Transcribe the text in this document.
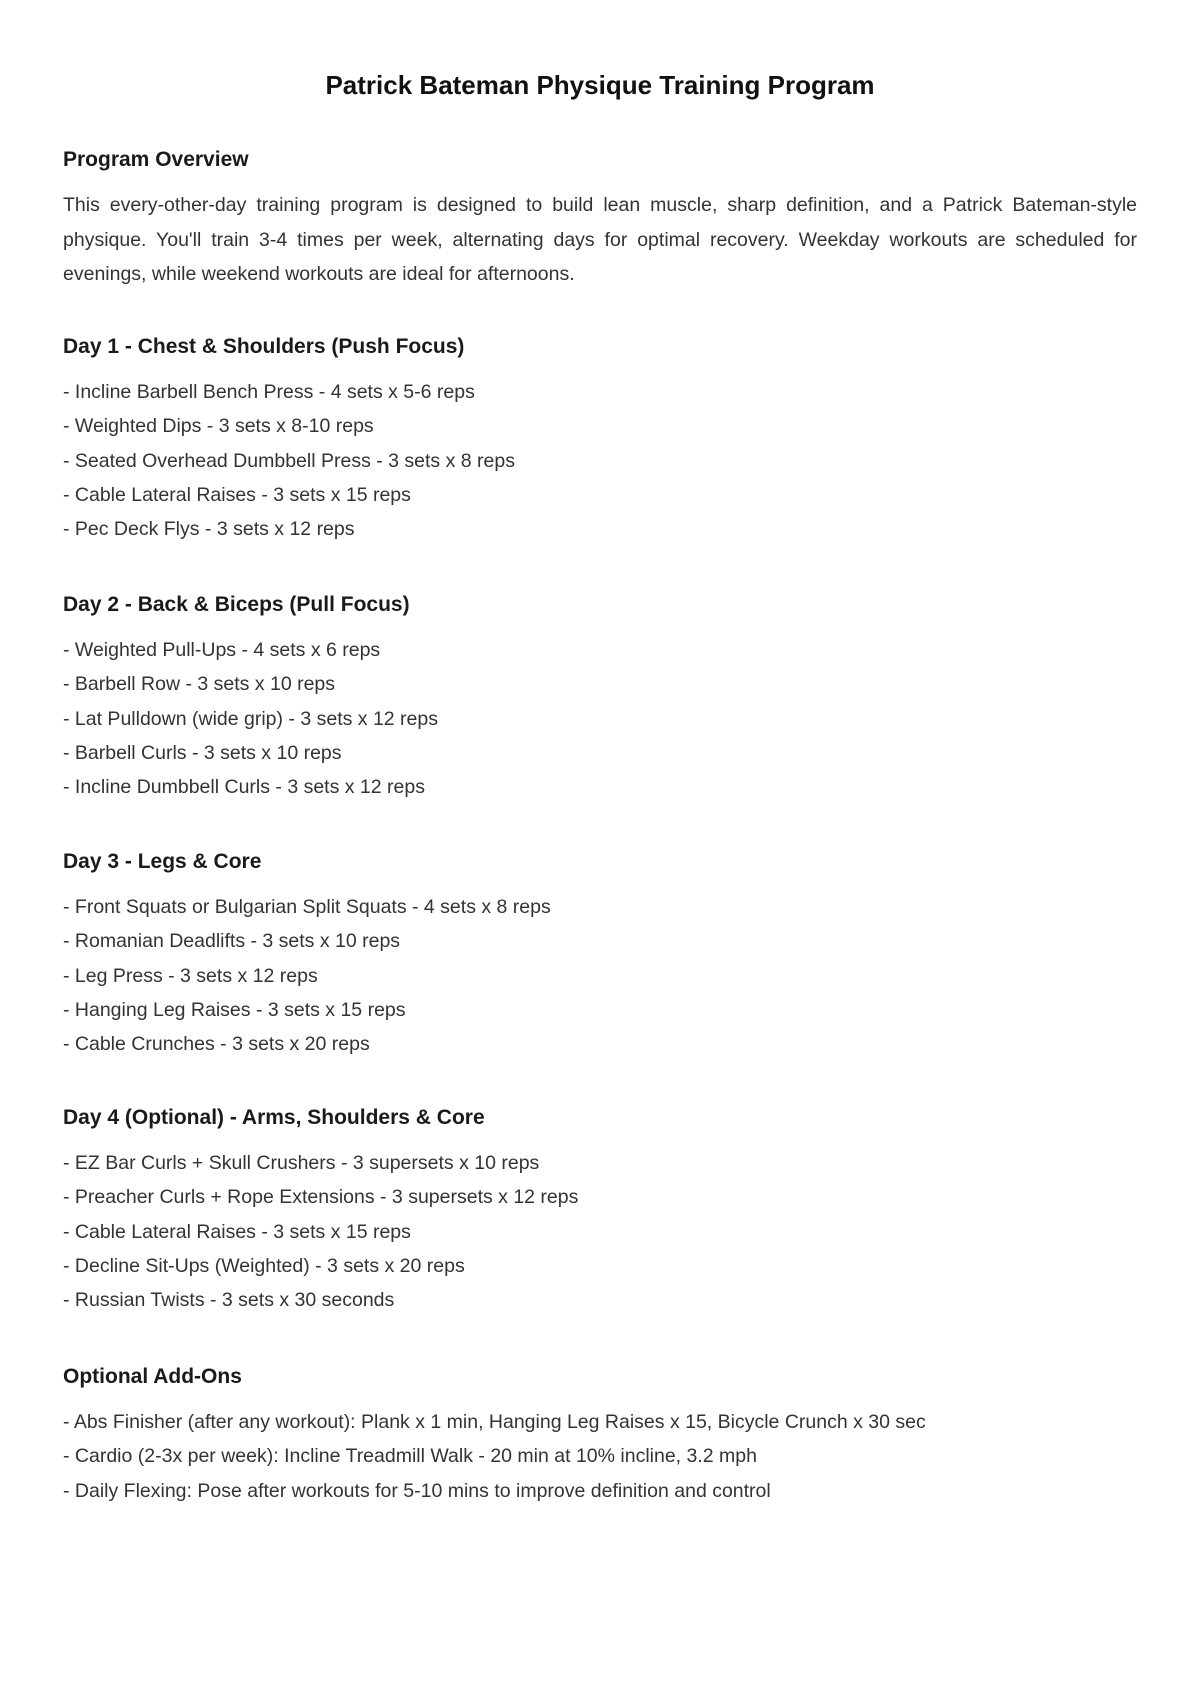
Patrick Bateman Physique Training Program
Program Overview

This every-other-day training program is designed to build lean muscle, sharp definition, and a Patrick Bateman-style physique. You'll train 3-4 times per week, alternating days for optimal recovery. Weekday workouts are scheduled for evenings, while weekend workouts are ideal for afternoons.

Day 1 - Chest & Shoulders (Push Focus)
- Incline Barbell Bench Press - 4 sets x 5-6 reps
- Weighted Dips - 3 sets x 8-10 reps
- Seated Overhead Dumbbell Press - 3 sets x 8 reps
- Cable Lateral Raises - 3 sets x 15 reps
- Pec Deck Flys - 3 sets x 12 reps
Day 2 - Back & Biceps (Pull Focus)
- Weighted Pull-Ups - 4 sets x 6 reps
- Barbell Row - 3 sets x 10 reps
- Lat Pulldown (wide grip) - 3 sets x 12 reps
- Barbell Curls - 3 sets x 10 reps
- Incline Dumbbell Curls - 3 sets x 12 reps
Day 3 - Legs & Core
- Front Squats or Bulgarian Split Squats - 4 sets x 8 reps
- Romanian Deadlifts - 3 sets x 10 reps
- Leg Press - 3 sets x 12 reps
- Hanging Leg Raises - 3 sets x 15 reps
- Cable Crunches - 3 sets x 20 reps
Day 4 (Optional) - Arms, Shoulders & Core
- EZ Bar Curls + Skull Crushers - 3 supersets x 10 reps
- Preacher Curls + Rope Extensions - 3 supersets x 12 reps
- Cable Lateral Raises - 3 sets x 15 reps
- Decline Sit-Ups (Weighted) - 3 sets x 20 reps
- Russian Twists - 3 sets x 30 seconds
Optional Add-Ons
- Abs Finisher (after any workout): Plank x 1 min, Hanging Leg Raises x 15, Bicycle Crunch x 30 sec
- Cardio (2-3x per week): Incline Treadmill Walk - 20 min at 10% incline, 3.2 mph
- Daily Flexing: Pose after workouts for 5-10 mins to improve definition and control
